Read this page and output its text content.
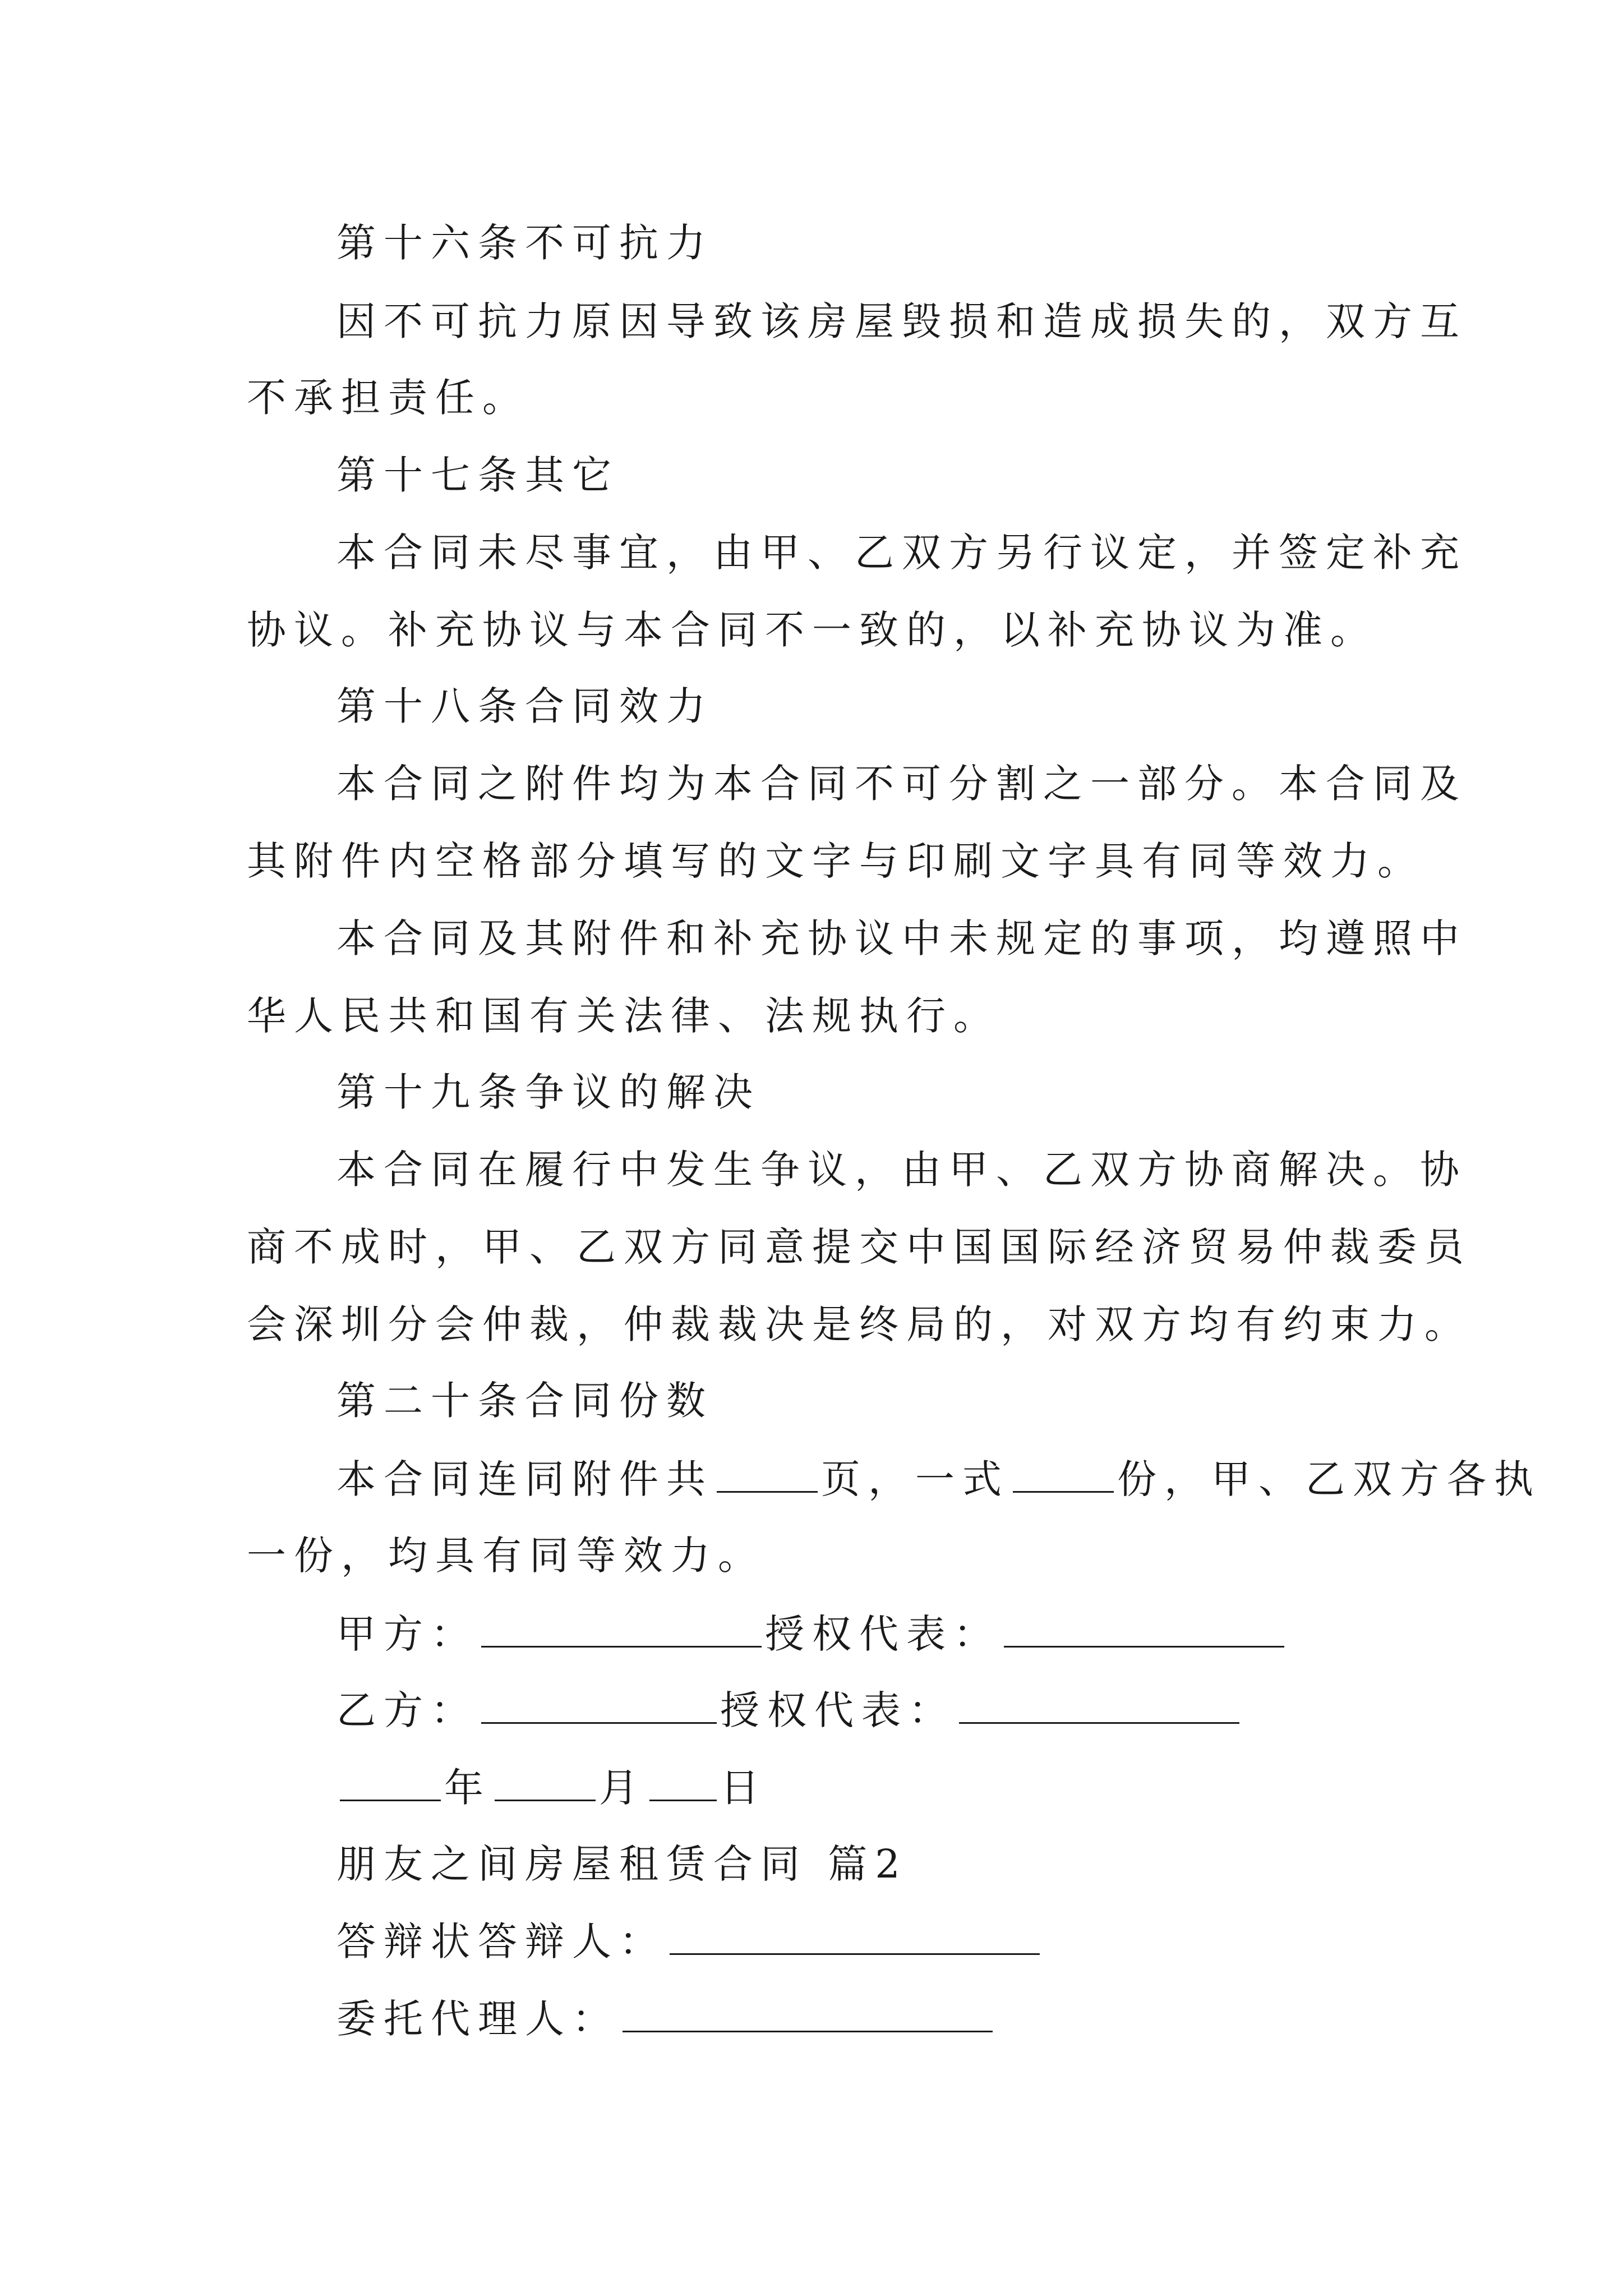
第十六条不可抗力

因不可抗力原因导致该房屋毁损和造成损失的，双方互

不承担责任。

第十七条其它

本合同未尽事宜，由甲、乙双方另行议定，并签定补充

协议。补充协议与本合同不一致的，以补充协议为准。

第十八条合同效力

本合同之附件均为本合同不可分割之一部分。本合同及

其附件内空格部分填写的文字与印刷文字具有同等效力。

本合同及其附件和补充协议中未规定的事项，均遵照中

华人民共和国有关法律、法规执行。

第十九条争议的解决

本合同在履行中发生争议，由甲、乙双方协商解决。协

商不成时，甲、乙双方同意提交中国国际经济贸易仲裁委员

会深圳分会仲裁，仲裁裁决是终局的，对双方均有约束力。

第二十条合同份数

本合同连同附件共	页，一式	份，甲、乙双方各执

一份，均具有同等效力。

甲方：	授权代表：

乙方：	授权代表：

年	月 日

朋友之间房屋租赁合同 篇2

答辩状答辩人：

委托代理人：
